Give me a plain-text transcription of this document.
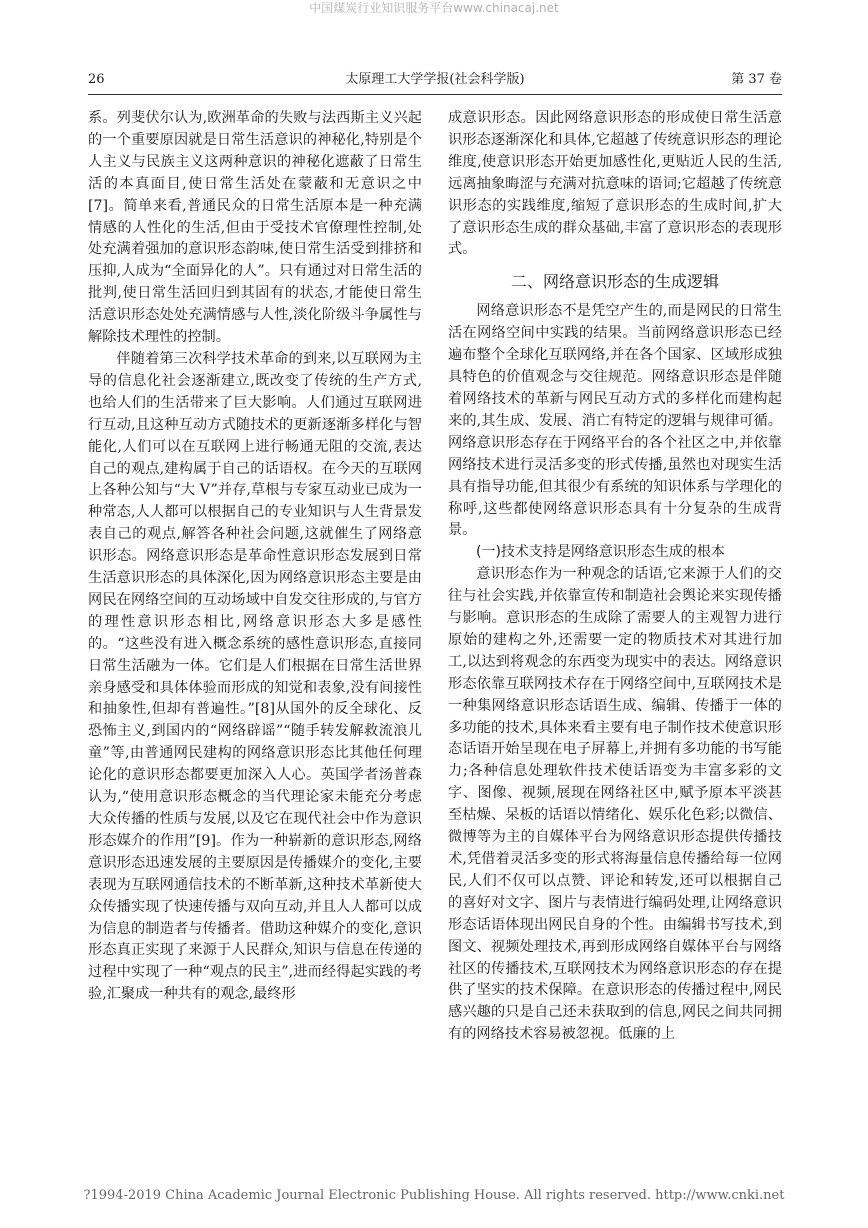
中国煤炭行业知识服务平台www.chinacaj.net
太原理工大学学报(社会科学版)
26	第 37 卷

系。列斐伏尔认为,欧洲革命的失败与法西斯主义兴起的一个重要原因就是日常生活意识的神秘化,特别是个人主义与民族主义这两种意识的神秘化遮蔽了日常生活的本真面目,使日常生活处在蒙蔽和无意识之中[7]。简单来看,普通民众的日常生活原本是一种充满情感的人性化的生活,但由于受技术官僚理性控制,处处充满着强加的意识形态韵味,使日常生活受到排挤和压抑,人成为“全面异化的人”。只有通过对日常生活的批判,使日常生活回归到其固有的状态,才能使日常生活意识形态处处充满情感与人性,淡化阶级斗争属性与解除技术理性的控制。

伴随着第三次科学技术革命的到来,以互联网为主导的信息化社会逐渐建立,既改变了传统的生产方式,也给人们的生活带来了巨大影响。人们通过互联网进行互动,且这种互动方式随技术的更新逐渐多样化与智能化,人们可以在互联网上进行畅通无阻的交流,表达自己的观点,建构属于自己的话语权。在今天的互联网上各种公知与“大 V”并存,草根与专家互动业已成为一种常态,人人都可以根据自己的专业知识与人生背景发表自己的观点,解答各种社会问题,这就催生了网络意识形态。网络意识形态是革命性意识形态发展到日常生活意识形态的具体深化,因为网络意识形态主要是由网民在网络空间的互动场域中自发交往形成的,与官方的理性意识形态相比,网络意识形态大多是感性的。“这些没有进入概念系统的感性意识形态,直接同日常生活融为一体。它们是人们根据在日常生活世界亲身感受和具体体验而形成的知觉和表象,没有间接性和抽象性,但却有普遍性。”[8]从国外的反全球化、反恐怖主义,到国内的“网络辟谣”“随手转发解救流浪儿童”等,由普通网民建构的网络意识形态比其他任何理论化的意识形态都要更加深入人心。英国学者汤普森认为,“使用意识形态概念的当代理论家未能充分考虑大众传播的性质与发展,以及它在现代社会中作为意识形态媒介的作用”[9]。作为一种崭新的意识形态,网络意识形态迅速发展的主要原因是传播媒介的变化,主要表现为互联网通信技术的不断革新,这种技术革新使大众传播实现了快速传播与双向互动,并且人人都可以成为信息的制造者与传播者。借助这种媒介的变化,意识形态真正实现了来源于人民群众,知识与信息在传递的过程中实现了一种“观点的民主”,进而经得起实践的考验,汇聚成一种共有的观念,最终形

成意识形态。因此网络意识形态的形成使日常生活意识形态逐渐深化和具体,它超越了传统意识形态的理论维度,使意识形态开始更加感性化,更贴近人民的生活,远离抽象晦涩与充满对抗意味的语词;它超越了传统意识形态的实践维度,缩短了意识形态的生成时间,扩大了意识形态生成的群众基础,丰富了意识形态的表现形式。

二、网络意识形态的生成逻辑

网络意识形态不是凭空产生的,而是网民的日常生活在网络空间中实践的结果。当前网络意识形态已经遍布整个全球化互联网络,并在各个国家、区域形成独具特色的价值观念与交往规范。网络意识形态是伴随着网络技术的革新与网民互动方式的多样化而建构起来的,其生成、发展、消亡有特定的逻辑与规律可循。网络意识形态存在于网络平台的各个社区之中,并依靠网络技术进行灵活多变的形式传播,虽然也对现实生活具有指导功能,但其很少有系统的知识体系与学理化的称呼,这些都使网络意识形态具有十分复杂的生成背景。

(一)技术支持是网络意识形态生成的根本

意识形态作为一种观念的话语,它来源于人们的交往与社会实践,并依靠宣传和制造社会舆论来实现传播与影响。意识形态的生成除了需要人的主观智力进行原始的建构之外,还需要一定的物质技术对其进行加工,以达到将观念的东西变为现实中的表达。网络意识形态依靠互联网技术存在于网络空间中,互联网技术是一种集网络意识形态话语生成、编辑、传播于一体的多功能的技术,具体来看主要有电子制作技术使意识形态话语开始呈现在电子屏幕上,并拥有多功能的书写能力;各种信息处理软件技术使话语变为丰富多彩的文字、图像、视频,展现在网络社区中,赋予原本平淡甚至枯燥、呆板的话语以情绪化、娱乐化色彩;以微信、微博等为主的自媒体平台为网络意识形态提供传播技术,凭借着灵活多变的形式将海量信息传播给每一位网民,人们不仅可以点赞、评论和转发,还可以根据自己的喜好对文字、图片与表情进行编码处理,让网络意识形态话语体现出网民自身的个性。由编辑书写技术,到图文、视频处理技术,再到形成网络自媒体平台与网络社区的传播技术,互联网技术为网络意识形态的存在提供了坚实的技术保障。在意识形态的传播过程中,网民感兴趣的只是自己还未获取到的信息,网民之间共同拥有的网络技术容易被忽视。低廉的上

?1994-2019 China Academic Journal Electronic Publishing House. All rights reserved. http://www.cnki.net
